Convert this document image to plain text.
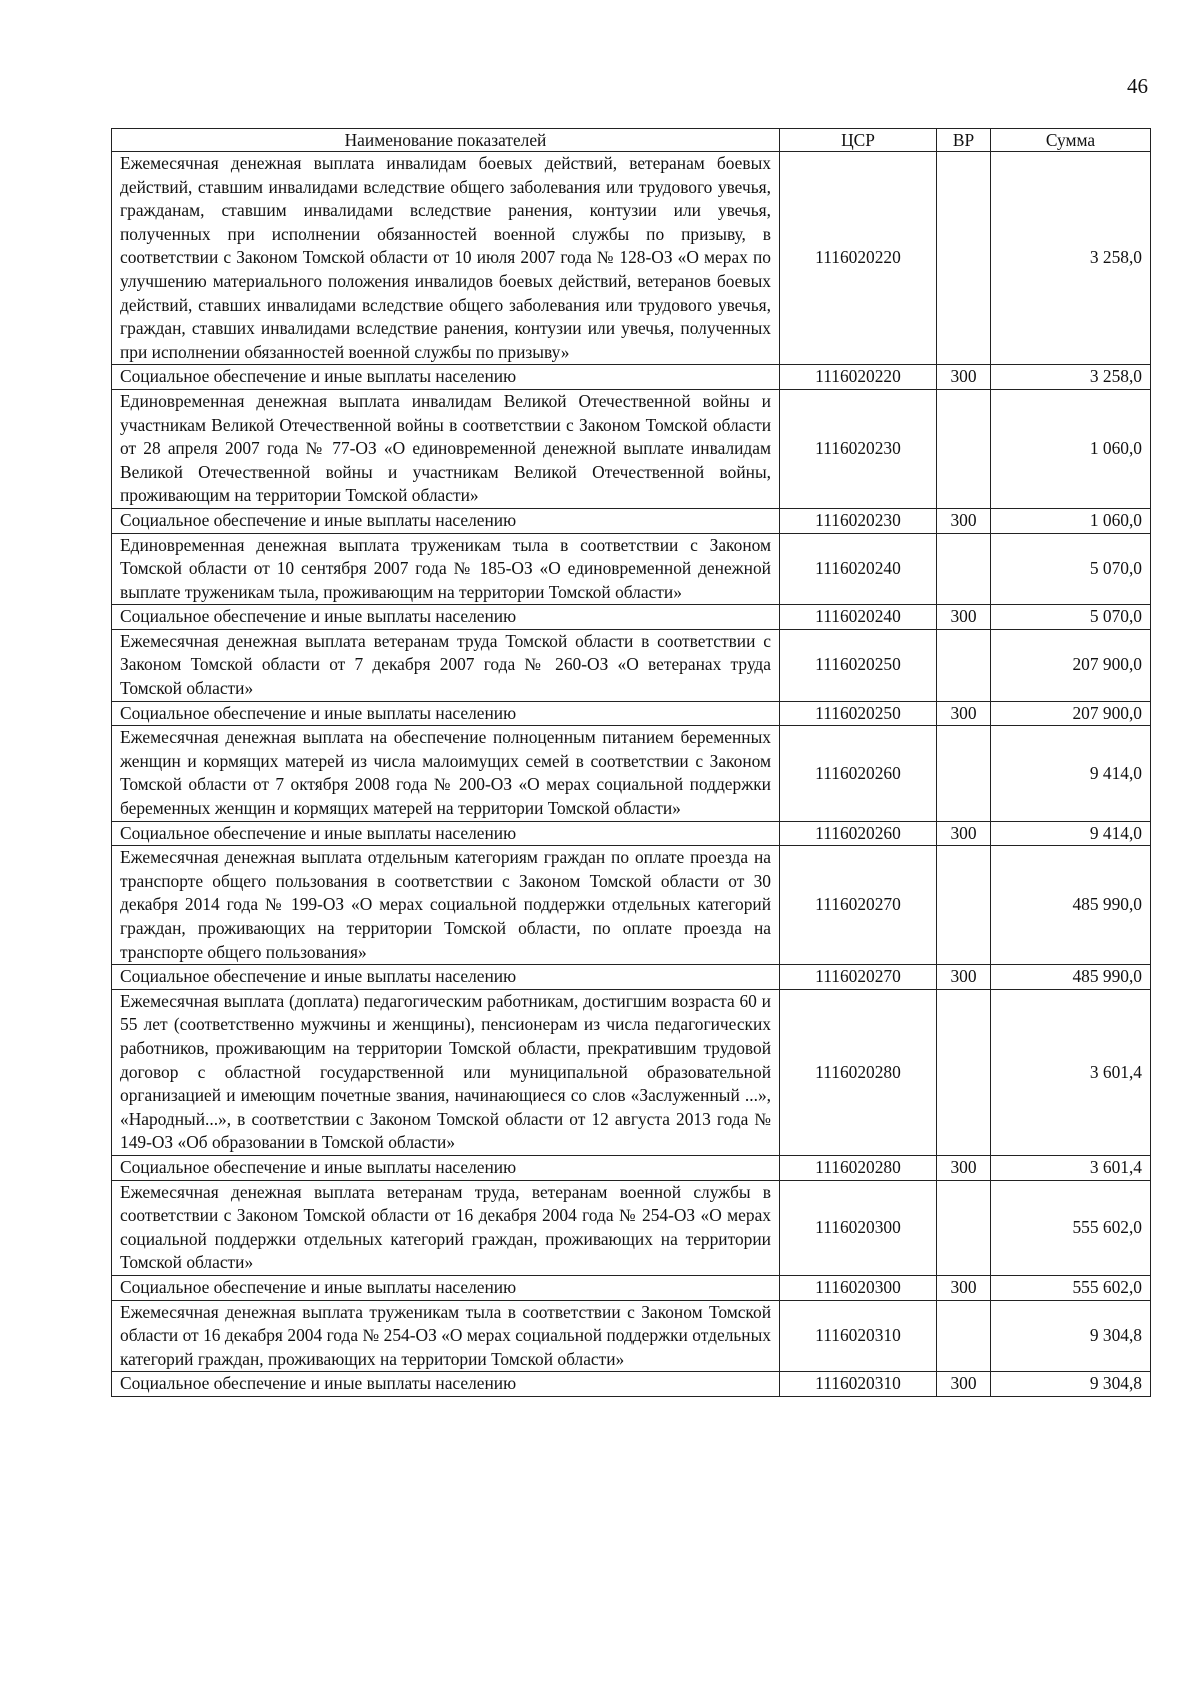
46
Наименование показателей	ЦСР	ВР	Сумма
Ежемесячная денежная выплата инвалидам боевых действий, ветеранам боевых действий, ставшим инвалидами вследствие общего заболевания или трудового увечья, гражданам, ставшим инвалидами вследствие ранения, контузии или увечья, полученных при исполнении обязанностей военной службы по призыву, в соответствии с Законом Томской области от 10 июля 2007 года № 128-ОЗ «О мерах по улучшению материального положения инвалидов боевых действий, ветеранов боевых действий, ставших инвалидами вследствие общего заболевания или трудового увечья, граждан, ставших инвалидами вследствие ранения, контузии или увечья, полученных при исполнении обязанностей военной службы по призыву»	1116020220		3 258,0
Социальное обеспечение и иные выплаты населению	1116020220	300	3 258,0
Единовременная денежная выплата инвалидам Великой Отечественной войны и участникам Великой Отечественной войны в соответствии с Законом Томской области от 28 апреля 2007 года № 77-ОЗ «О единовременной денежной выплате инвалидам Великой Отечественной войны и участникам Великой Отечественной войны, проживающим на территории Томской области»	1116020230		1 060,0
Социальное обеспечение и иные выплаты населению	1116020230	300	1 060,0
Единовременная денежная выплата труженикам тыла в соответствии с Законом Томской области от 10 сентября 2007 года № 185-ОЗ «О единовременной денежной выплате труженикам тыла, проживающим на территории Томской области»	1116020240		5 070,0
Социальное обеспечение и иные выплаты населению	1116020240	300	5 070,0
Ежемесячная денежная выплата ветеранам труда Томской области в соответствии с Законом Томской области от 7 декабря 2007 года № 260-ОЗ «О ветеранах труда Томской области»	1116020250		207 900,0
Социальное обеспечение и иные выплаты населению	1116020250	300	207 900,0
Ежемесячная денежная выплата на обеспечение полноценным питанием беременных женщин и кормящих матерей из числа малоимущих семей в соответствии с Законом Томской области от 7 октября 2008 года № 200-ОЗ «О мерах социальной поддержки беременных женщин и кормящих матерей на территории Томской области»	1116020260		9 414,0
Социальное обеспечение и иные выплаты населению	1116020260	300	9 414,0
Ежемесячная денежная выплата отдельным категориям граждан по оплате проезда на транспорте общего пользования в соответствии с Законом Томской области от 30 декабря 2014 года № 199-ОЗ «О мерах социальной поддержки отдельных категорий граждан, проживающих на территории Томской области, по оплате проезда на транспорте общего пользования»	1116020270		485 990,0
Социальное обеспечение и иные выплаты населению	1116020270	300	485 990,0
Ежемесячная выплата (доплата) педагогическим работникам, достигшим возраста 60 и 55 лет (соответственно мужчины и женщины), пенсионерам из числа педагогических работников, проживающим на территории Томской области, прекратившим трудовой договор с областной государственной или муниципальной образовательной организацией и имеющим почетные звания, начинающиеся со слов «Заслуженный ...», «Народный...», в соответствии с Законом Томской области от 12 августа 2013 года № 149-ОЗ «Об образовании в Томской области»	1116020280		3 601,4
Социальное обеспечение и иные выплаты населению	1116020280	300	3 601,4
Ежемесячная денежная выплата ветеранам труда, ветеранам военной службы в соответствии с Законом Томской области от 16 декабря 2004 года № 254-ОЗ «О мерах социальной поддержки отдельных категорий граждан, проживающих на территории Томской области»	1116020300		555 602,0
Социальное обеспечение и иные выплаты населению	1116020300	300	555 602,0
Ежемесячная денежная выплата труженикам тыла в соответствии с Законом Томской области от 16 декабря 2004 года № 254-ОЗ «О мерах социальной поддержки отдельных категорий граждан, проживающих на территории Томской области»	1116020310		9 304,8
Социальное обеспечение и иные выплаты населению	1116020310	300	9 304,8
